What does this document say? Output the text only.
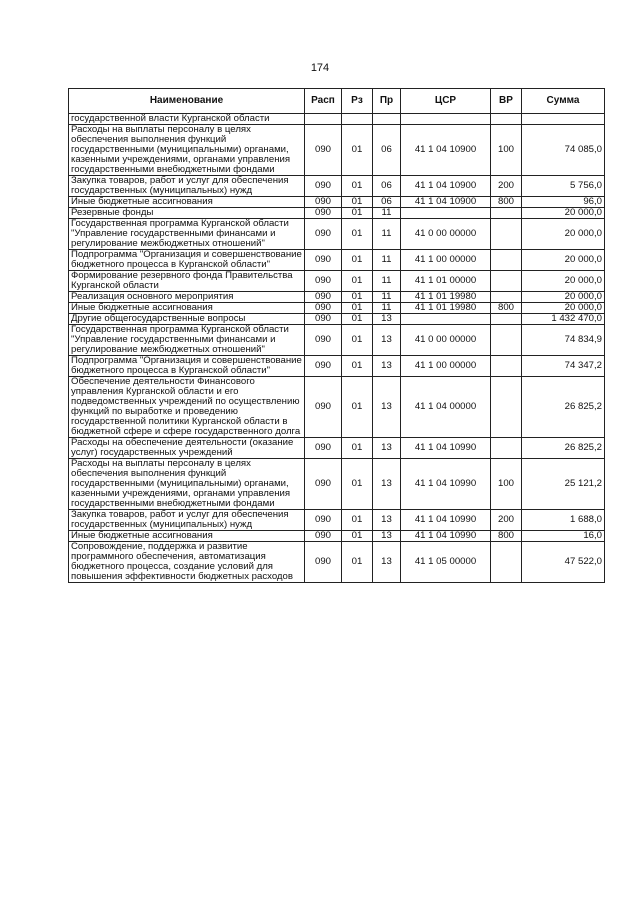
174
Наименование	Расп	Рз	Пр	ЦСР	ВР	Сумма
государственной власти Курганской области						
Расходы на выплаты персоналу в целях обеспечения выполнения функций государственными (муниципальными) органами, казенными учреждениями, органами управления государственными внебюджетными фондами	090	01	06	41 1 04 10900	100	74 085,0
Закупка товаров, работ и услуг для обеспечения государственных (муниципальных) нужд	090	01	06	41 1 04 10900	200	5 756,0
Иные бюджетные ассигнования	090	01	06	41 1 04 10900	800	96,0
Резервные фонды	090	01	11			20 000,0
Государственная программа Курганской области "Управление государственными финансами и регулирование межбюджетных отношений"	090	01	11	41 0 00 00000		20 000,0
Подпрограмма "Организация и совершенствование бюджетного процесса в Курганской области"	090	01	11	41 1 00 00000		20 000,0
Формирование резервного фонда Правительства Курганской области	090	01	11	41 1 01 00000		20 000,0
Реализация основного мероприятия	090	01	11	41 1 01 19980		20 000,0
Иные бюджетные ассигнования	090	01	11	41 1 01 19980	800	20 000,0
Другие общегосударственные вопросы	090	01	13			1 432 470,0
Государственная программа Курганской области "Управление государственными финансами и регулирование межбюджетных отношений"	090	01	13	41 0 00 00000		74 834,9
Подпрограмма "Организация и совершенствование бюджетного процесса в Курганской области"	090	01	13	41 1 00 00000		74 347,2
Обеспечение деятельности Финансового управления Курганской области и его подведомственных учреждений по осуществлению функций по выработке и проведению государственной политики Курганской области в бюджетной сфере и сфере государственного долга	090	01	13	41 1 04 00000		26 825,2
Расходы на обеспечение деятельности (оказание услуг) государственных учреждений	090	01	13	41 1 04 10990		26 825,2
Расходы на выплаты персоналу в целях обеспечения выполнения функций государственными (муниципальными) органами, казенными учреждениями, органами управления государственными внебюджетными фондами	090	01	13	41 1 04 10990	100	25 121,2
Закупка товаров, работ и услуг для обеспечения государственных (муниципальных) нужд	090	01	13	41 1 04 10990	200	1 688,0
Иные бюджетные ассигнования	090	01	13	41 1 04 10990	800	16,0
Сопровождение, поддержка и развитие программного обеспечения, автоматизация бюджетного процесса, создание условий для повышения эффективности бюджетных расходов	090	01	13	41 1 05 00000		47 522,0
